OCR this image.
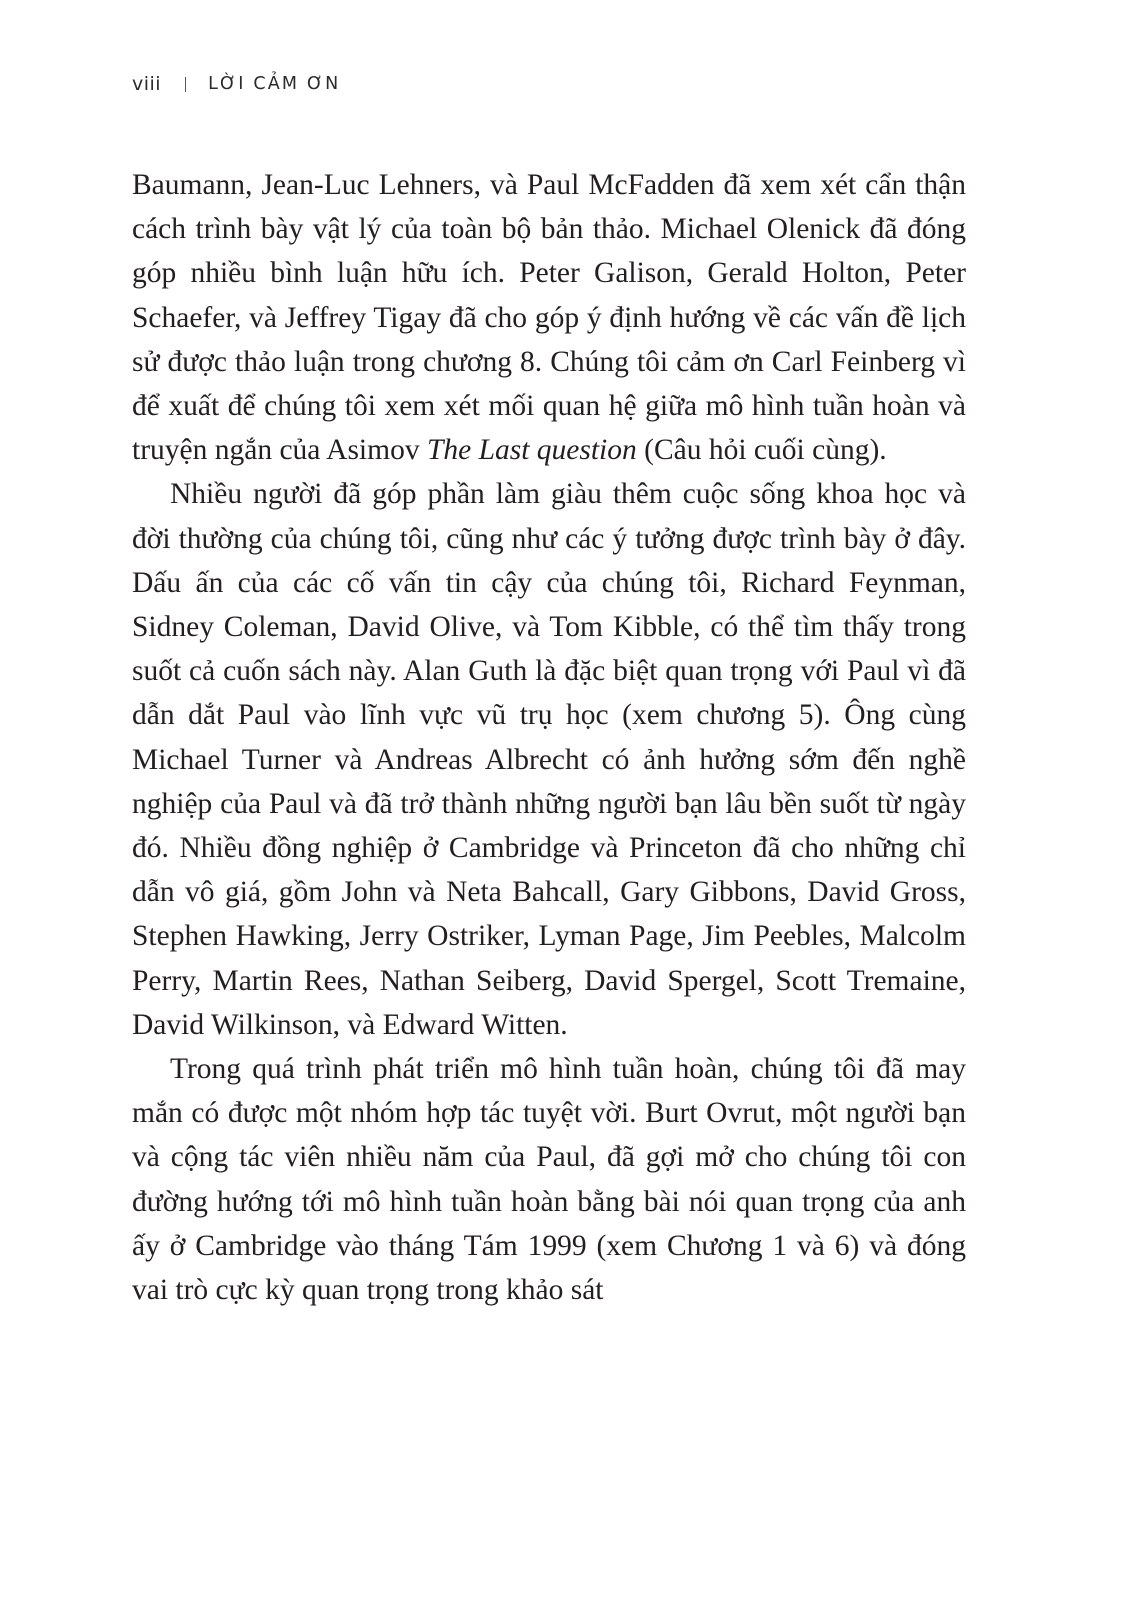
viii	LỜI CẢM ƠN

Baumann, Jean-Luc Lehners, và Paul McFadden đã xem xét cẩn thận cách trình bày vật lý của toàn bộ bản thảo. Michael Olenick đã đóng góp nhiều bình luận hữu ích. Peter Galison, Gerald Holton, Peter Schaefer, và Jeffrey Tigay đã cho góp ý định hướng về các vấn đề lịch sử được thảo luận trong chương 8. Chúng tôi cảm ơn Carl Feinberg vì để xuất để chúng tôi xem xét mối quan hệ giữa mô hình tuần hoàn và truyện ngắn của Asimov The Last question (Câu hỏi cuối cùng).

Nhiều người đã góp phần làm giàu thêm cuộc sống khoa học và đời thường của chúng tôi, cũng như các ý tưởng được trình bày ở đây. Dấu ấn của các cố vấn tin cậy của chúng tôi, Richard Feynman, Sidney Coleman, David Olive, và Tom Kibble, có thể tìm thấy trong suốt cả cuốn sách này. Alan Guth là đặc biệt quan trọng với Paul vì đã dẫn dắt Paul vào lĩnh vực vũ trụ học (xem chương 5). Ông cùng Michael Turner và Andreas Albrecht có ảnh hưởng sớm đến nghề nghiệp của Paul và đã trở thành những người bạn lâu bền suốt từ ngày đó. Nhiều đồng nghiệp ở Cambridge và Princeton đã cho những chỉ dẫn vô giá, gồm John và Neta Bahcall, Gary Gibbons, David Gross, Stephen Hawking, Jerry Ostriker, Lyman Page, Jim Peebles, Malcolm Perry, Martin Rees, Nathan Seiberg, David Spergel, Scott Tremaine, David Wilkinson, và Edward Witten.

Trong quá trình phát triển mô hình tuần hoàn, chúng tôi đã may mắn có được một nhóm hợp tác tuyệt vời. Burt Ovrut, một người bạn và cộng tác viên nhiều năm của Paul, đã gợi mở cho chúng tôi con đường hướng tới mô hình tuần hoàn bằng bài nói quan trọng của anh ấy ở Cambridge vào tháng Tám 1999 (xem Chương 1 và 6) và đóng vai trò cực kỳ quan trọng trong khảo sát
